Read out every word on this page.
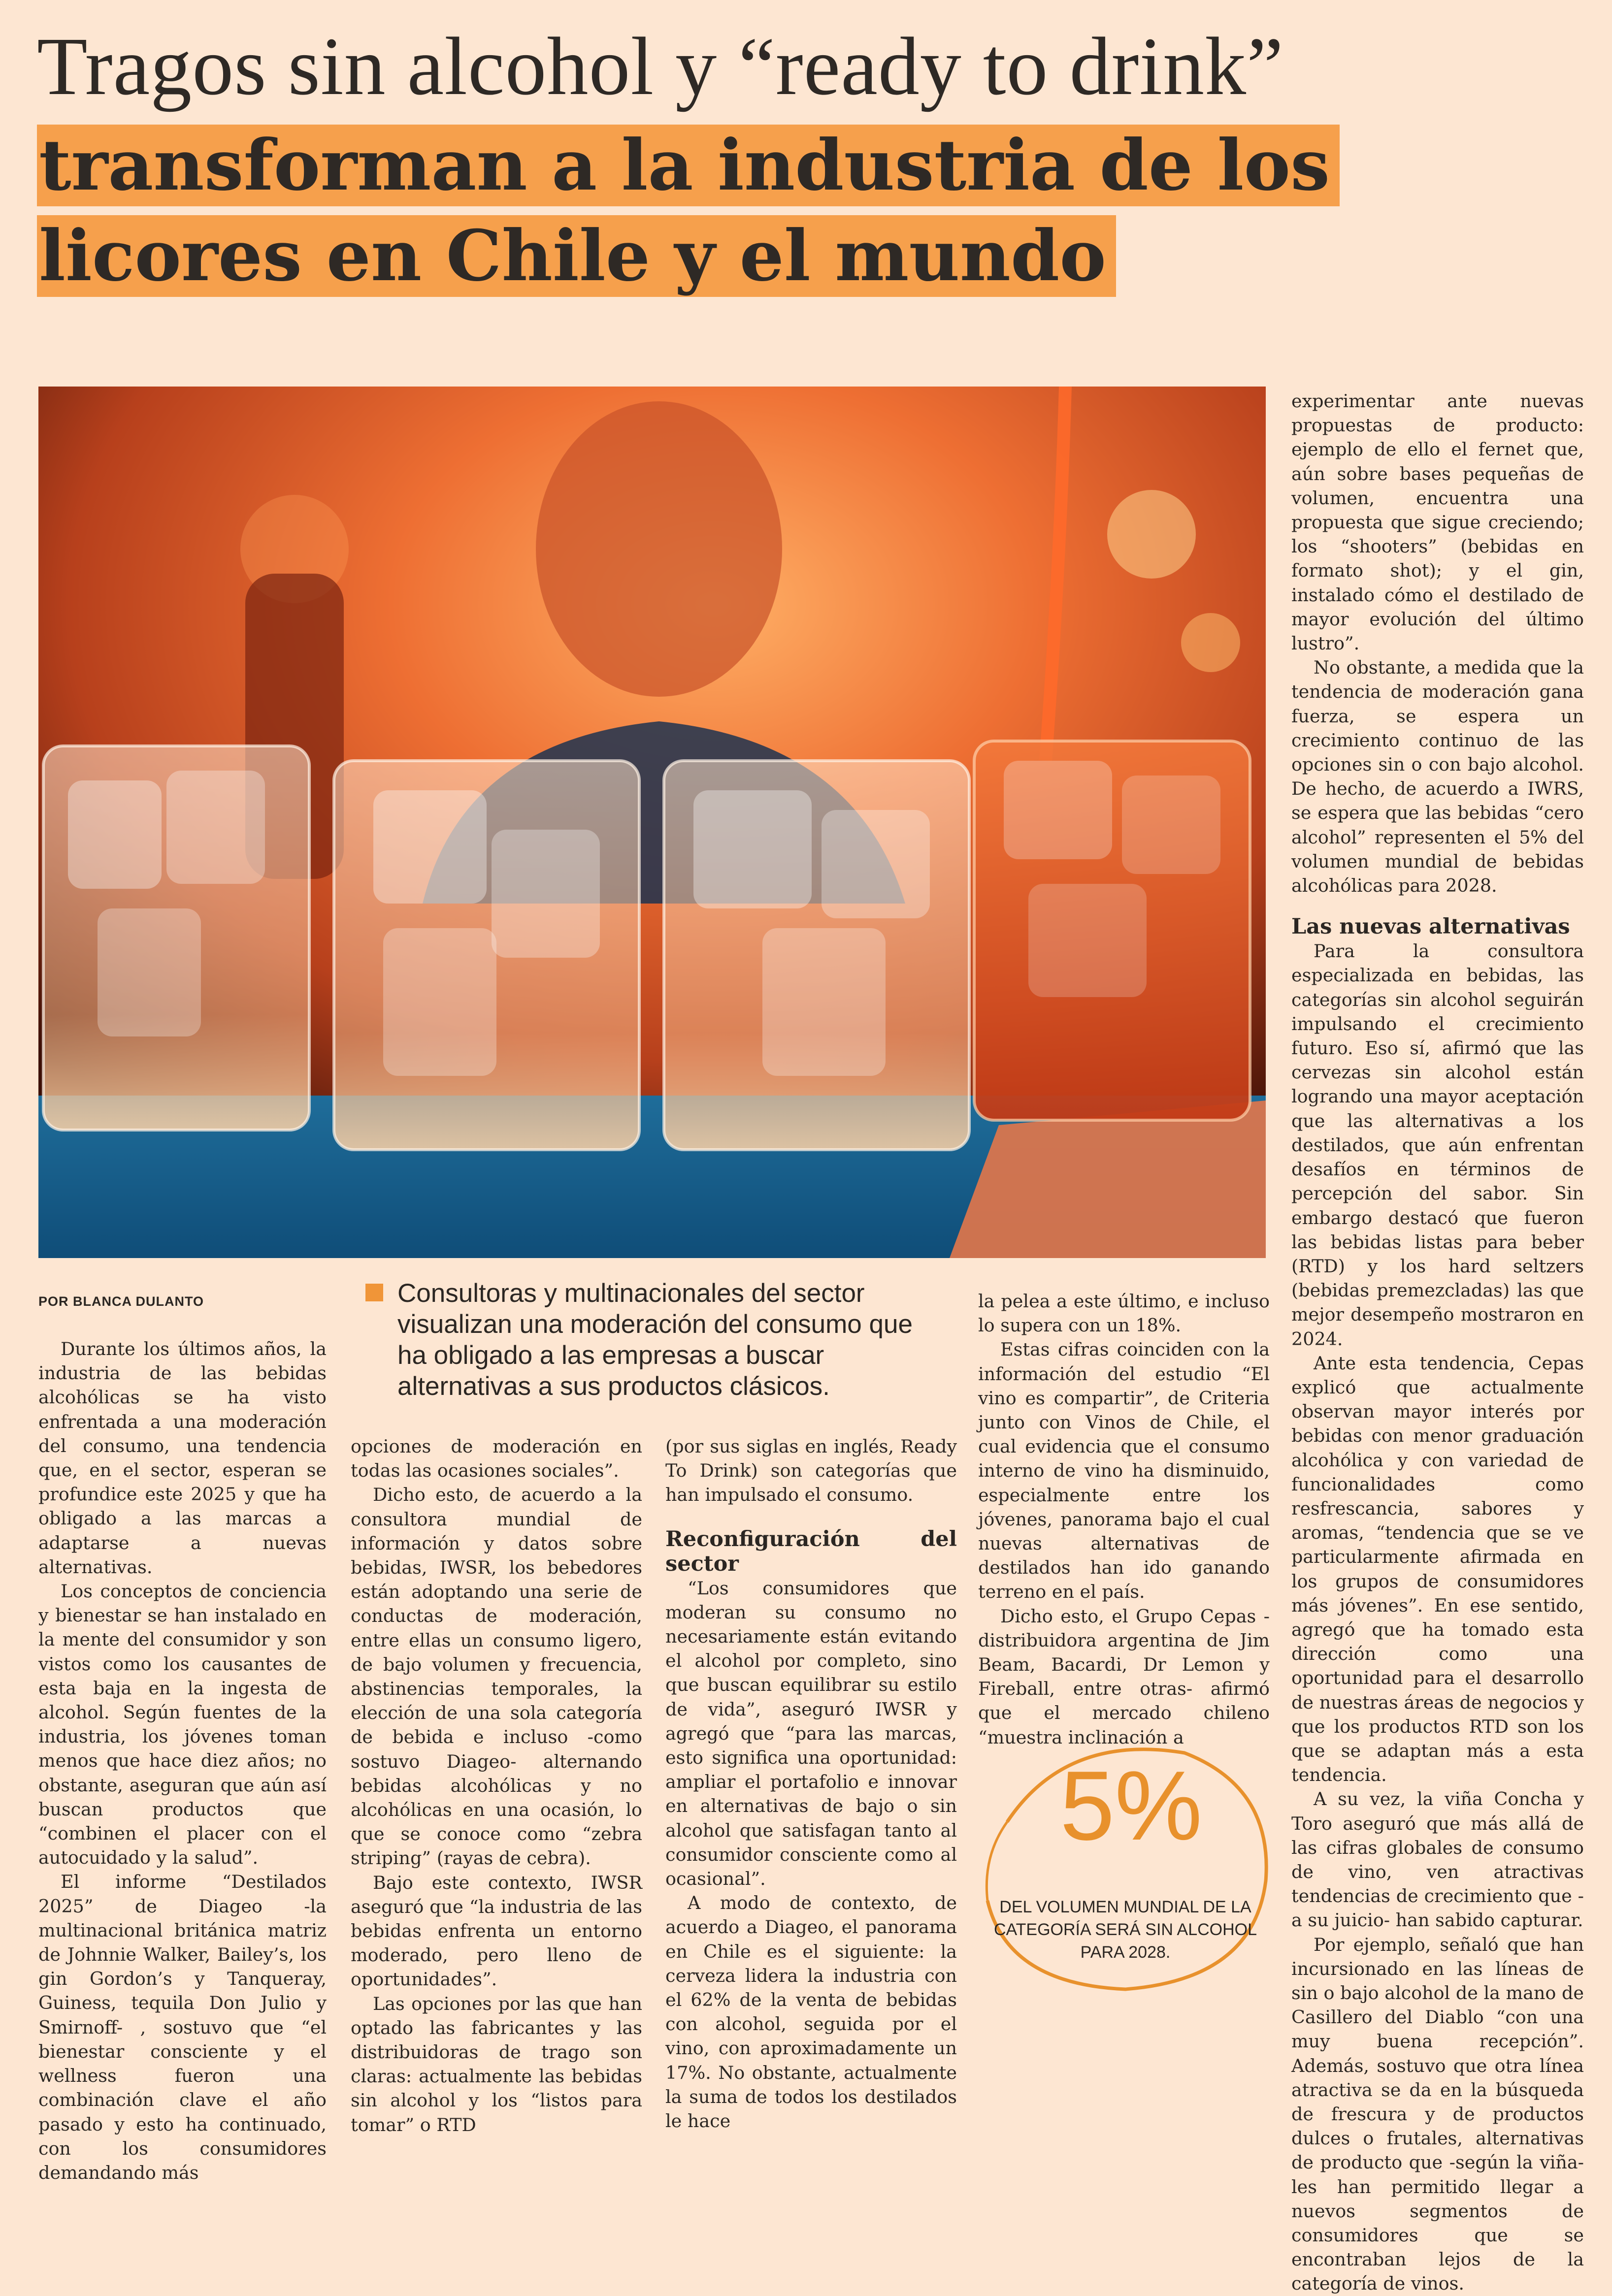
Tragos sin alcohol y “ready to drink”
transforman a la industria de los
licores en Chile y el mundo
POR BLANCA DULANTO	Consultoras y multinacionales del sector visualizan una moderación del consumo que ha obligado a las empresas a buscar alternativas a sus productos clásicos.

Durante los últimos años, la industria de las bebidas alcohólicas se ha visto enfrentada a una moderación del consumo, una tendencia que, en el sector, esperan se profundice este 2025 y que ha obligado a las marcas a adaptarse a nuevas alternativas.

Los conceptos de conciencia y bienestar se han instalado en la mente del consumidor y son vistos como los causantes de esta baja en la ingesta de alcohol. Según fuentes de la industria, los jóvenes toman menos que hace diez años; no obstante, aseguran que aún así buscan productos que “combinen el placer con el autocuidado y la salud”.

El informe “Destilados 2025” de Diageo -la multinacional británica matriz de Johnnie Walker, Bailey’s, los gin Gordon’s y Tanqueray, Guiness, tequila Don Julio y Smirnoff- , sostuvo que “el bienestar consciente y el wellness fueron una combinación clave el año pasado y esto ha continuado, con los consumidores demandando más

opciones de moderación en todas las ocasiones sociales”.

Dicho esto, de acuerdo a la consultora mundial de información y datos sobre bebidas, IWSR, los bebedores están adoptando una serie de conductas de moderación, entre ellas un consumo ligero, de bajo volumen y frecuencia, abstinencias temporales, la elección de una sola categoría de bebida e incluso -como sostuvo Diageo- alternando bebidas alcohólicas y no alcohólicas en una ocasión, lo que se conoce como “zebra striping” (rayas de cebra).

Bajo este contexto, IWSR aseguró que “la industria de las bebidas enfrenta un entorno moderado, pero lleno de oportunidades”.

Las opciones por las que han optado las fabricantes y las distribuidoras de trago son claras: actualmente las bebidas sin alcohol y los “listos para tomar” o RTD

(por sus siglas en inglés, Ready To Drink) son categorías que han impulsado el consumo.

Reconfiguración del sector

“Los consumidores que moderan su consumo no necesariamente están evitando el alcohol por completo, sino que buscan equilibrar su estilo de vida”, aseguró IWSR y agregó que “para las marcas, esto significa una oportunidad: ampliar el portafolio e innovar en alternativas de bajo o sin alcohol que satisfagan tanto al consumidor consciente como al ocasional”.

A modo de contexto, de acuerdo a Diageo, el panorama en Chile es el siguiente: la cerveza lidera la industria con el 62% de la venta de bebidas con alcohol, seguida por el vino, con aproximadamente un 17%. No obstante, actualmente la suma de todos los destilados le hace

la pelea a este último, e incluso lo supera con un 18%.

Estas cifras coinciden con la información del estudio “El vino es compartir”, de Criteria junto con Vinos de Chile, el cual evidencia que el consumo interno de vino ha disminuido, especialmente entre los jóvenes, panorama bajo el cual nuevas alternativas de destilados han ido ganando terreno en el país.

Dicho esto, el Grupo Cepas -distribuidora argentina de Jim Beam, Bacardi, Dr Lemon y Fireball, entre otras- afirmó que el mercado chileno “muestra inclinación a

5%
DEL VOLUMEN MUNDIAL DE LA CATEGORÍA SERÁ SIN ALCOHOL PARA 2028.

experimentar ante nuevas propuestas de producto: ejemplo de ello el fernet que, aún sobre bases pequeñas de volumen, encuentra una propuesta que sigue creciendo; los “shooters” (bebidas en formato shot); y el gin, instalado cómo el destilado de mayor evolución del último lustro”.

No obstante, a medida que la tendencia de moderación gana fuerza, se espera un crecimiento continuo de las opciones sin o con bajo alcohol. De hecho, de acuerdo a IWRS, se espera que las bebidas “cero alcohol” representen el 5% del volumen mundial de bebidas alcohólicas para 2028.

Las nuevas alternativas

Para la consultora especializada en bebidas, las categorías sin alcohol seguirán impulsando el crecimiento futuro. Eso sí, afirmó que las cervezas sin alcohol están logrando una mayor aceptación que las alternativas a los destilados, que aún enfrentan desafíos en términos de percepción del sabor. Sin embargo destacó que fueron las bebidas listas para beber (RTD) y los hard seltzers (bebidas premezcladas) las que mejor desempeño mostraron en 2024.

Ante esta tendencia, Cepas explicó que actualmente observan mayor interés por bebidas con menor graduación alcohólica y con variedad de funcionalidades como resfrescancia, sabores y aromas, “tendencia que se ve particularmente afirmada en los grupos de consumidores más jóvenes”. En ese sentido, agregó que ha tomado esta dirección como una oportunidad para el desarrollo de nuestras áreas de negocios y que los productos RTD son los que se adaptan más a esta tendencia.

A su vez, la viña Concha y Toro aseguró que más allá de las cifras globales de consumo de vino, ven atractivas tendencias de crecimiento que -a su juicio- han sabido capturar.

Por ejemplo, señaló que han incursionado en las líneas de sin o bajo alcohol de la mano de Casillero del Diablo “con una muy buena recepción”. Además, sostuvo que otra línea atractiva se da en la búsqueda de frescura y de productos dulces o frutales, alternativas de producto que -según la viña- les han permitido llegar a nuevos segmentos de consumidores que se encontraban lejos de la categoría de vinos.
